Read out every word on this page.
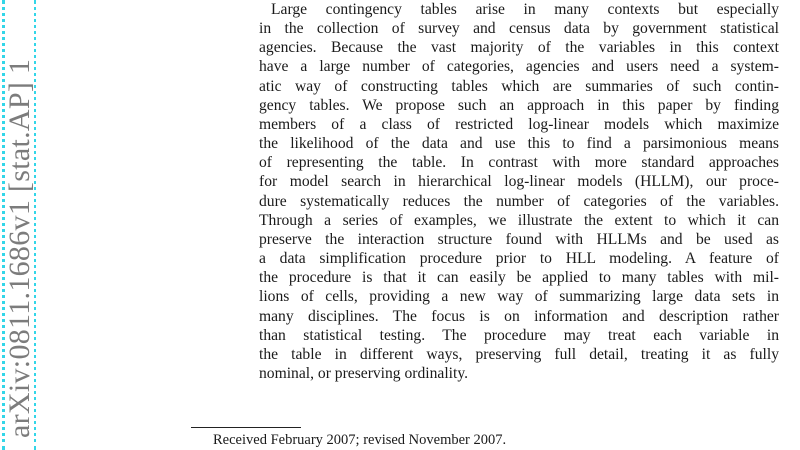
arXiv:0811.1686v1 [stat.AP] 1
Large contingency tables arise in many contexts but especially
in the collection of survey and census data by government statistical
agencies. Because the vast majority of the variables in this context
have a large number of categories, agencies and users need a system-
atic way of constructing tables which are summaries of such contin-
gency tables. We propose such an approach in this paper by finding
members of a class of restricted log-linear models which maximize
the likelihood of the data and use this to find a parsimonious means
of representing the table. In contrast with more standard approaches
for model search in hierarchical log-linear models (HLLM), our proce-
dure systematically reduces the number of categories of the variables.
Through a series of examples, we illustrate the extent to which it can
preserve the interaction structure found with HLLMs and be used as
a data simplification procedure prior to HLL modeling. A feature of
the procedure is that it can easily be applied to many tables with mil-
lions of cells, providing a new way of summarizing large data sets in
many disciplines. The focus is on information and description rather
than statistical testing. The procedure may treat each variable in
the table in different ways, preserving full detail, treating it as fully
nominal, or preserving ordinality.
Received February 2007; revised November 2007.
